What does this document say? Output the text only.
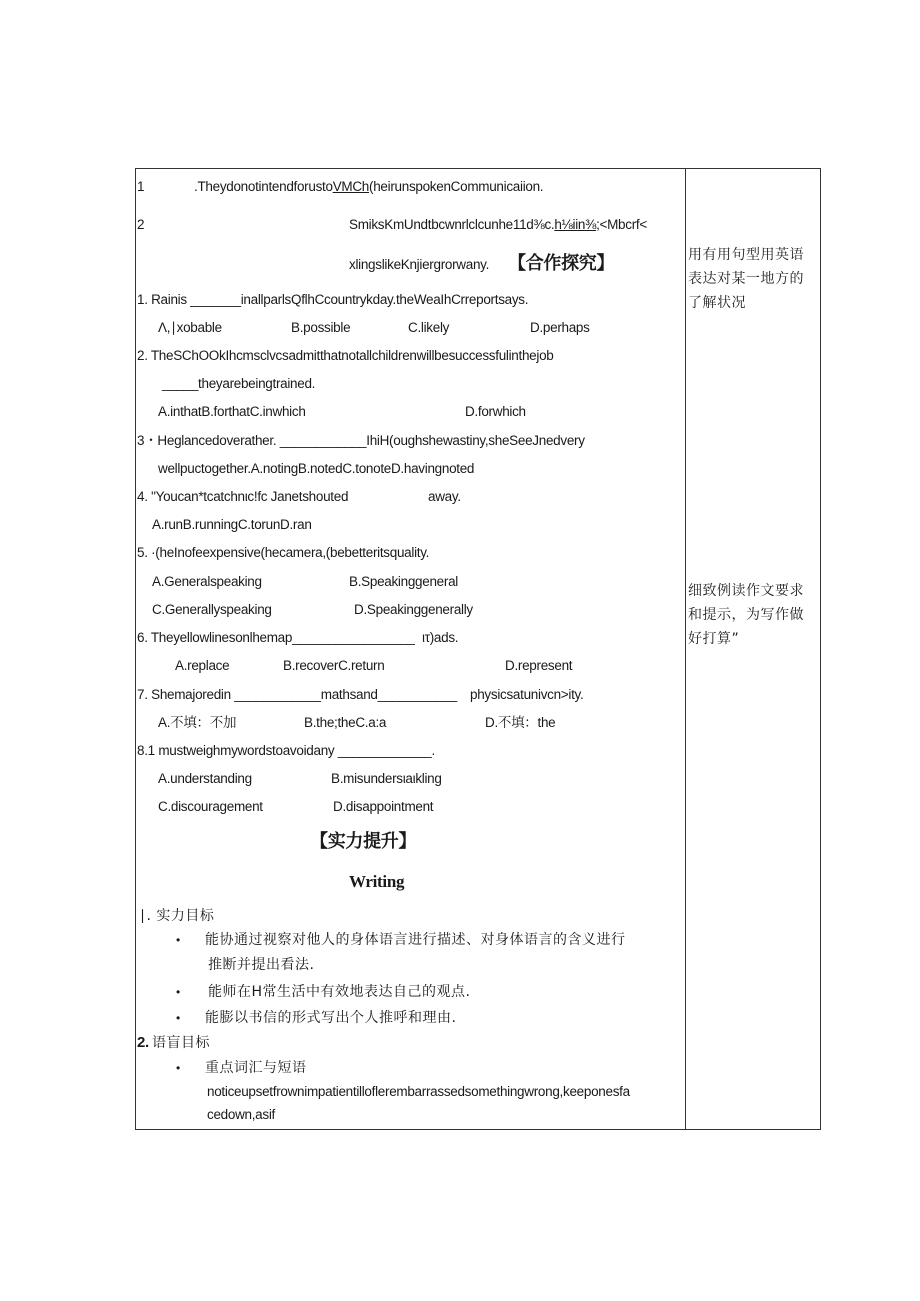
1	.TheydonotintendforustoVMCh(heirunspokenCommunicaiion.
2	SmiksKmUndtbcwnrlclcunhe11d⅜c.h⅛iin⅜;<Mbcrf<
xlingslikeKnjiergrorwany. 【合作探究】
1. Rainis _______inallparlsQflhCcountrykday.theWeaIhCrreportsays.
Λ,∣xobable	B.possible	C.likely	D.perhaps
2. TheSChOOkIhcmsclvcsadmitthatnotallchildrenwillbesuccessfulinthejob
_____theyarebeingtrained.
A.inthatB.forthatC.inwhich	D.forwhich
3・Heglancedoverather. ____________IhiH(oughshewastiny,sheSeeJnedvery
wellpuctogether.A.notingB.notedC.tonoteD.havingnoted
4. "Youcan*tcatchnιc!fc Janetshouted	away.
A.runB.runningC.torunD.ran
5. ·(heInofeexpensive(hecamera,(bebetteritsquality.
A.Generalspeaking	B.Speakinggeneral
C.Generallyspeaking	D.Speakinggenerally
6. Theyellowlinesonlhemap_________________ ιτ)ads.
A.replace	B.recoverC.return	D.represent
7. Shemajoredin ____________mathsand___________ physicsatunivcn>ity.
A.不填：不加	B.the;theC.a:a	D.不填：the
8.1 mustweighmywordstoavoidany _____________.
A.understanding	B.misundersιaιkling
C.discouragement	D.disappointment
【实力提升】
Writing
∣. 实力目标
• 能协通过视察对他人的身体语言进行描述、对身体语言的含义进行
推断并提出看法.
• 能师在H常生活中有效地表达自己的观点.
• 能膨以书信的形式写出个人推呼和理由.
2. 语盲目标
• 重点词汇与短语
noticeupsetfrownimpatientilloflerembarrassedsomethingwrong,keeponesfa
cedown,asif
用有用句型用英语
表达对某一地方的
了解状况
细致例读作文要求
和提示，为写作做
好打算”
